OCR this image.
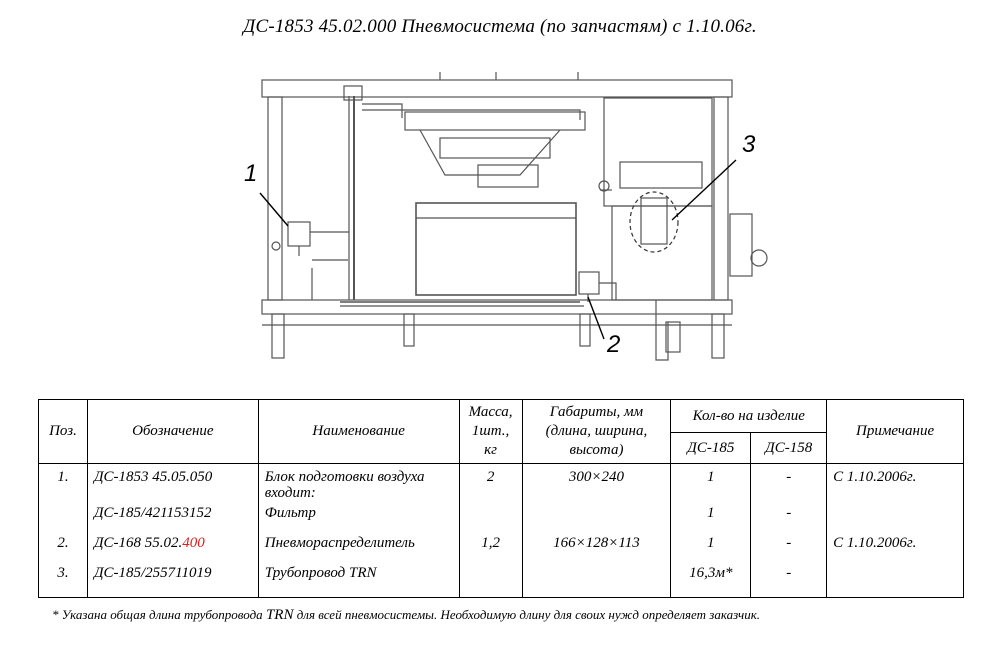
ДС-1853 45.02.000 Пневмосистема (по запчастям) с 1.10.06г.
1
2
3
Поз.	Обозначение	Наименование	Масса,
1шт.,
кг	Габариты, мм
(длина, ширина,
высота)	Кол-во на изделие		Примечание
					ДС-185	ДС-158	
1.	ДС-1853 45.05.050	Блок подготовки воздуха входит:	2	300×240	1	-	С 1.10.2006г.
	ДС-185/421153152	Фильтр			1	-	
2.	ДС-168 55.02.400	Пневмораспределитель	1,2	166×128×113	1	-	С 1.10.2006г.
3.	ДС-185/255711019	Трубопровод TRN			16,3м*	-	
* Указана общая длина трубопровода TRN для всей пневмосистемы. Необходимую длину для своих нужд определяет заказчик.
